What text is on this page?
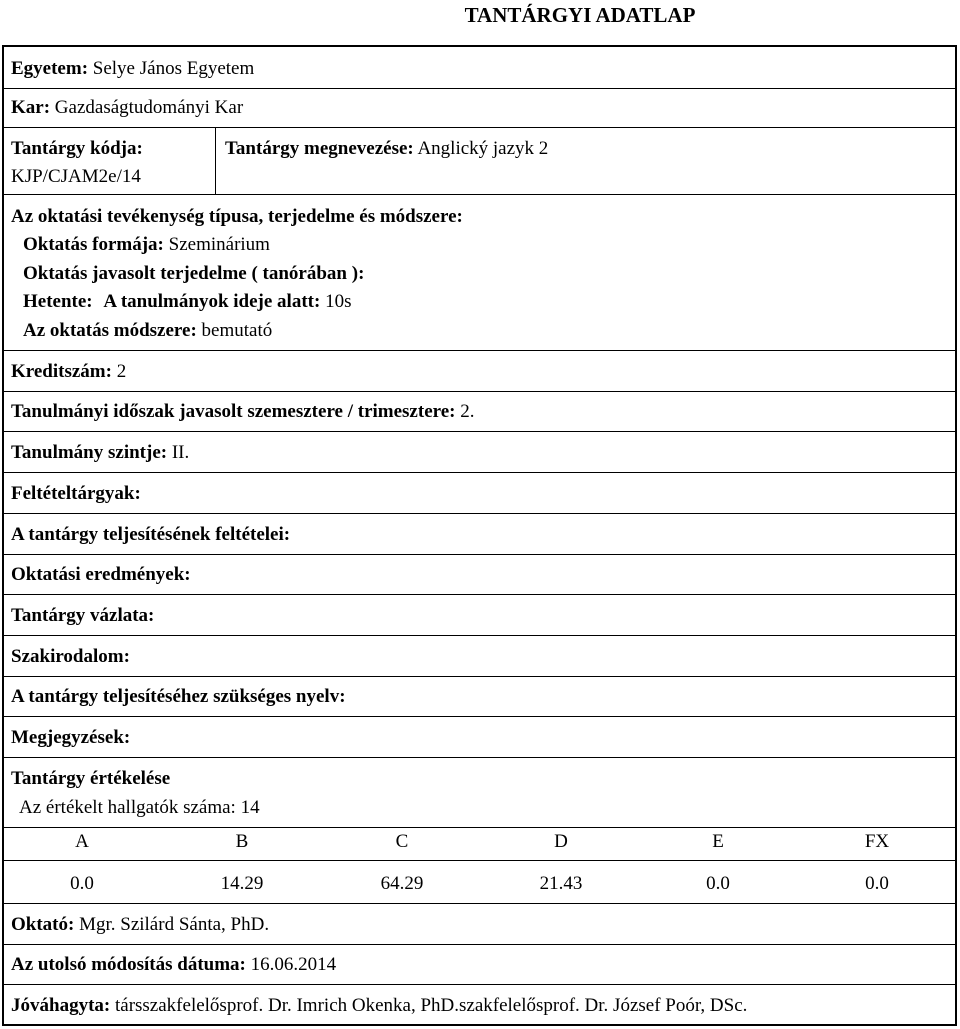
TANTÁRGYI ADATLAP
Egyetem: Selye János Egyetem
Kar: Gazdaságtudományi Kar
Tantárgy kódja:
KJP/CJAM2e/14
Tantárgy megnevezése: Anglický jazyk 2
Az oktatási tevékenység típusa, terjedelme és módszere:
Oktatás formája: Szeminárium
Oktatás javasolt terjedelme ( tanórában ):
Hetente: A tanulmányok ideje alatt: 10s
Az oktatás módszere: bemutató
Kreditszám: 2
Tanulmányi időszak javasolt szemesztere / trimesztere: 2.
Tanulmány szintje: II.
Feltételtárgyak:
A tantárgy teljesítésének feltételei:
Oktatási eredmények:
Tantárgy vázlata:
Szakirodalom:
A tantárgy teljesítéséhez szükséges nyelv:
Megjegyzések:
Tantárgy értékelése
Az értékelt hallgatók száma: 14
A	B	C	D	E	FX
0.0	14.29	64.29	21.43	0.0	0.0
Oktató: Mgr. Szilárd Sánta, PhD.
Az utolsó módosítás dátuma: 16.06.2014
Jóváhagyta: társszakfelelősprof. Dr. Imrich Okenka, PhD.szakfelelősprof. Dr. József Poór, DSc.
